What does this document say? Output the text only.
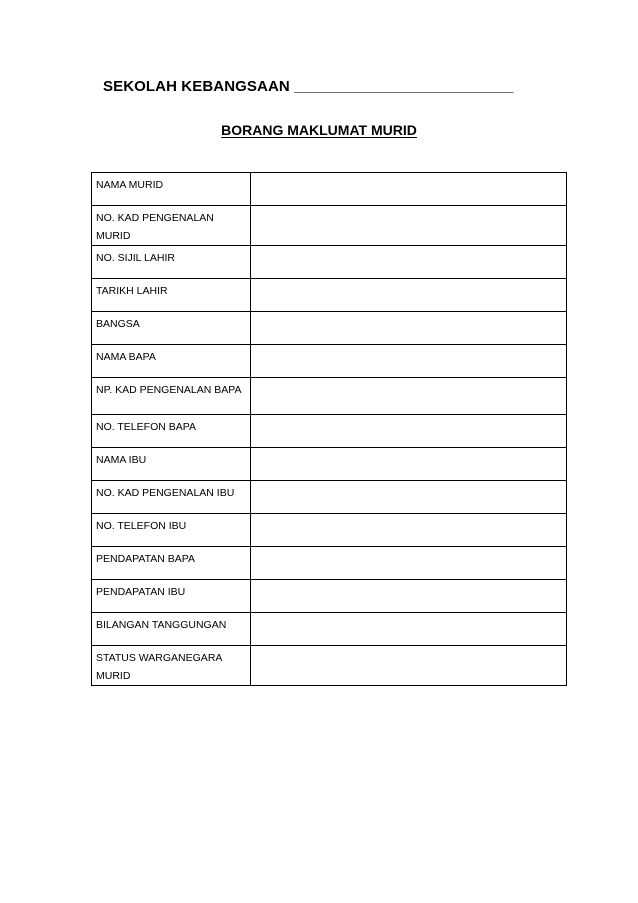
SEKOLAH KEBANGSAAN __________________________
BORANG MAKLUMAT MURID
NAMA MURID	
NO. KAD PENGENALAN MURID	
NO. SIJIL LAHIR	
TARIKH LAHIR	
BANGSA	
NAMA BAPA	
NP. KAD PENGENALAN BAPA	
NO. TELEFON BAPA	
NAMA IBU	
NO. KAD PENGENALAN IBU	
NO. TELEFON IBU	
PENDAPATAN BAPA	
PENDAPATAN IBU	
BILANGAN TANGGUNGAN	
STATUS WARGANEGARA MURID	
